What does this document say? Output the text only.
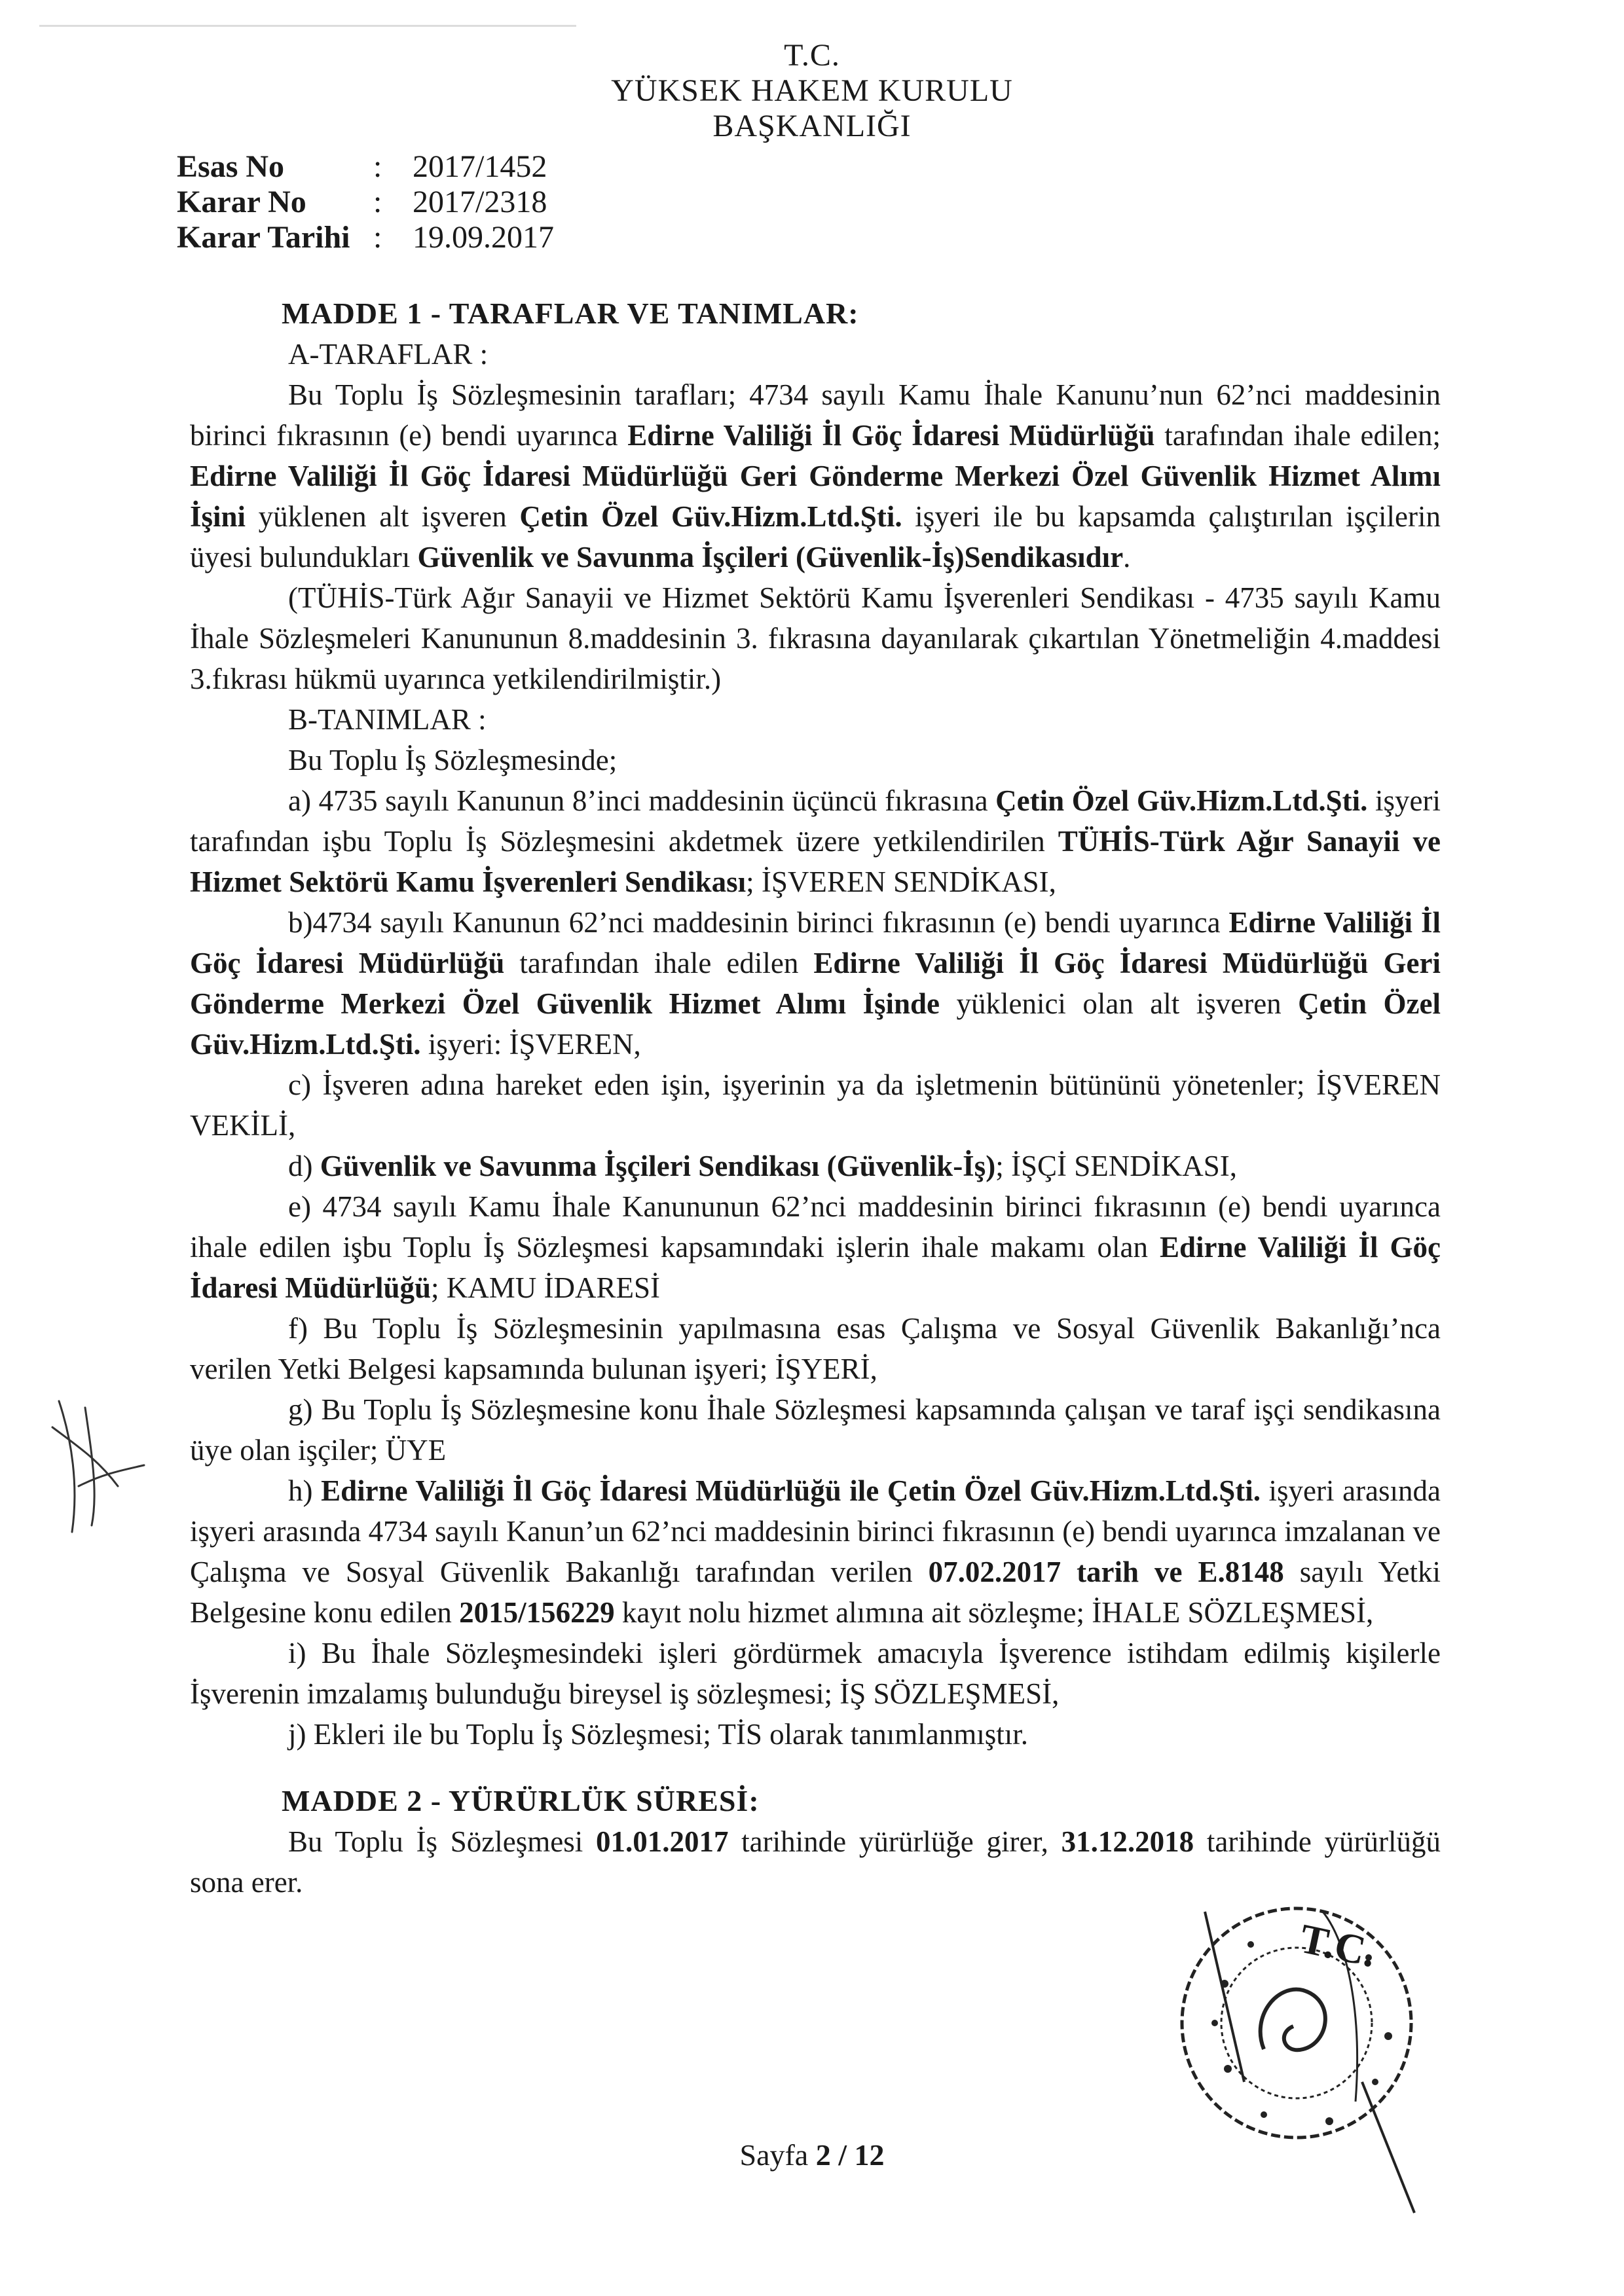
T.C.
YÜKSEK HAKEM KURULU
BAŞKANLIĞI
Esas No	: 2017/1452
Karar No	: 2017/2318
Karar Tarihi : 19.09.2017
MADDE 1 - TARAFLAR VE TANIMLAR:
A-TARAFLAR :
Bu Toplu İş Sözleşmesinin tarafları; 4734 sayılı Kamu İhale Kanunu’nun 62’nci maddesinin birinci fıkrasının (e) bendi uyarınca Edirne Valiliği İl Göç İdaresi Müdürlüğü tarafından ihale edilen; Edirne Valiliği İl Göç İdaresi Müdürlüğü Geri Gönderme Merkezi Özel Güvenlik Hizmet Alımı İşini yüklenen alt işveren Çetin Özel Güv.Hizm.Ltd.Şti. işyeri ile bu kapsamda çalıştırılan işçilerin üyesi bulundukları Güvenlik ve Savunma İşçileri (Güvenlik-İş)Sendikasıdır.
(TÜHİS-Türk Ağır Sanayii ve Hizmet Sektörü Kamu İşverenleri Sendikası - 4735 sayılı Kamu İhale Sözleşmeleri Kanununun 8.maddesinin 3. fıkrasına dayanılarak çıkartılan Yönetmeliğin 4.maddesi 3.fıkrası hükmü uyarınca yetkilendirilmiştir.)
B-TANIMLAR :
Bu Toplu İş Sözleşmesinde;
a) 4735 sayılı Kanunun 8’inci maddesinin üçüncü fıkrasına Çetin Özel Güv.Hizm.Ltd.Şti. işyeri tarafından işbu Toplu İş Sözleşmesini akdetmek üzere yetkilendirilen TÜHİS-Türk Ağır Sanayii ve Hizmet Sektörü Kamu İşverenleri Sendikası; İŞVEREN SENDİKASI,
b)4734 sayılı Kanunun 62’nci maddesinin birinci fıkrasının (e) bendi uyarınca Edirne Valiliği İl Göç İdaresi Müdürlüğü tarafından ihale edilen Edirne Valiliği İl Göç İdaresi Müdürlüğü Geri Gönderme Merkezi Özel Güvenlik Hizmet Alımı İşinde yüklenici olan alt işveren Çetin Özel Güv.Hizm.Ltd.Şti. işyeri: İŞVEREN,
c) İşveren adına hareket eden işin, işyerinin ya da işletmenin bütününü yönetenler; İŞVEREN VEKİLİ,
d) Güvenlik ve Savunma İşçileri Sendikası (Güvenlik-İş); İŞÇİ SENDİKASI,
e) 4734 sayılı Kamu İhale Kanununun 62’nci maddesinin birinci fıkrasının (e) bendi uyarınca ihale edilen işbu Toplu İş Sözleşmesi kapsamındaki işlerin ihale makamı olan Edirne Valiliği İl Göç İdaresi Müdürlüğü; KAMU İDARESİ
f) Bu Toplu İş Sözleşmesinin yapılmasına esas Çalışma ve Sosyal Güvenlik Bakanlığı’nca verilen Yetki Belgesi kapsamında bulunan işyeri; İŞYERİ,
g) Bu Toplu İş Sözleşmesine konu İhale Sözleşmesi kapsamında çalışan ve taraf işçi sendikasına üye olan işçiler; ÜYE
h) Edirne Valiliği İl Göç İdaresi Müdürlüğü ile Çetin Özel Güv.Hizm.Ltd.Şti. işyeri arasında işyeri arasında 4734 sayılı Kanun’un 62’nci maddesinin birinci fıkrasının (e) bendi uyarınca imzalanan ve Çalışma ve Sosyal Güvenlik Bakanlığı tarafından verilen 07.02.2017 tarih ve E.8148 sayılı Yetki Belgesine konu edilen 2015/156229 kayıt nolu hizmet alımına ait sözleşme; İHALE SÖZLEŞMESİ,
i) Bu İhale Sözleşmesindeki işleri gördürmek amacıyla İşverence istihdam edilmiş kişilerle İşverenin imzalamış bulunduğu bireysel iş sözleşmesi; İŞ SÖZLEŞMESİ,
j) Ekleri ile bu Toplu İş Sözleşmesi; TİS olarak tanımlanmıştır.
MADDE 2 - YÜRÜRLÜK SÜRESİ:
Bu Toplu İş Sözleşmesi 01.01.2017 tarihinde yürürlüğe girer, 31.12.2018 tarihinde yürürlüğü sona erer.
T.C.
Sayfa 2 / 12
